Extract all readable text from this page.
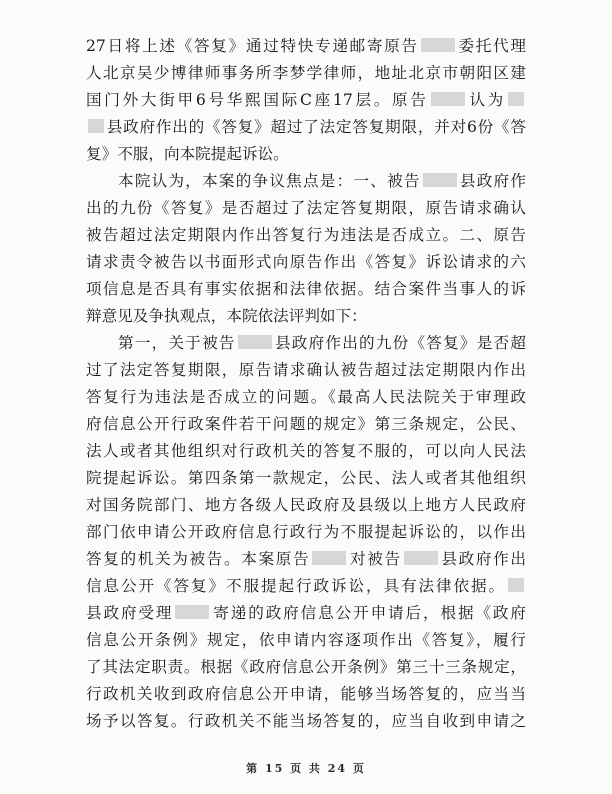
27日将上述《答复》通过特快专递邮寄原告 委托代理
人北京吴少博律师事务所李梦学律师，地址北京市朝阳区建
国门外大街甲6号华熙国际C座17层。原告 认为
县政府作出的《答复》超过了法定答复期限，并对6份《答
复》不服，向本院提起诉讼。
本院认为，本案的争议焦点是：一、被告 县政府作
出的九份《答复》是否超过了法定答复期限，原告请求确认
被告超过法定期限内作出答复行为违法是否成立。二、原告
请求责令被告以书面形式向原告作出《答复》诉讼请求的六
项信息是否具有事实依据和法律依据。结合案件当事人的诉
辩意见及争执观点，本院依法评判如下：
第一，关于被告 县政府作出的九份《答复》是否超
过了法定答复期限，原告请求确认被告超过法定期限内作出
答复行为违法是否成立的问题。《最高人民法院关于审理政
府信息公开行政案件若干问题的规定》第三条规定，公民、
法人或者其他组织对行政机关的答复不服的，可以向人民法
院提起诉讼。第四条第一款规定，公民、法人或者其他组织
对国务院部门、地方各级人民政府及县级以上地方人民政府
部门依申请公开政府信息行政行为不服提起诉讼的，以作出
答复的机关为被告。本案原告 对被告 县政府作出
信息公开《答复》不服提起行政诉讼，具有法律依据。
县政府受理 寄递的政府信息公开申请后，根据《政府
信息公开条例》规定，依申请内容逐项作出《答复》，履行
了其法定职责。根据《政府信息公开条例》第三十三条规定，
行政机关收到政府信息公开申请，能够当场答复的，应当当
场予以答复。行政机关不能当场答复的，应当自收到申请之
第 15 页 共 24 页
